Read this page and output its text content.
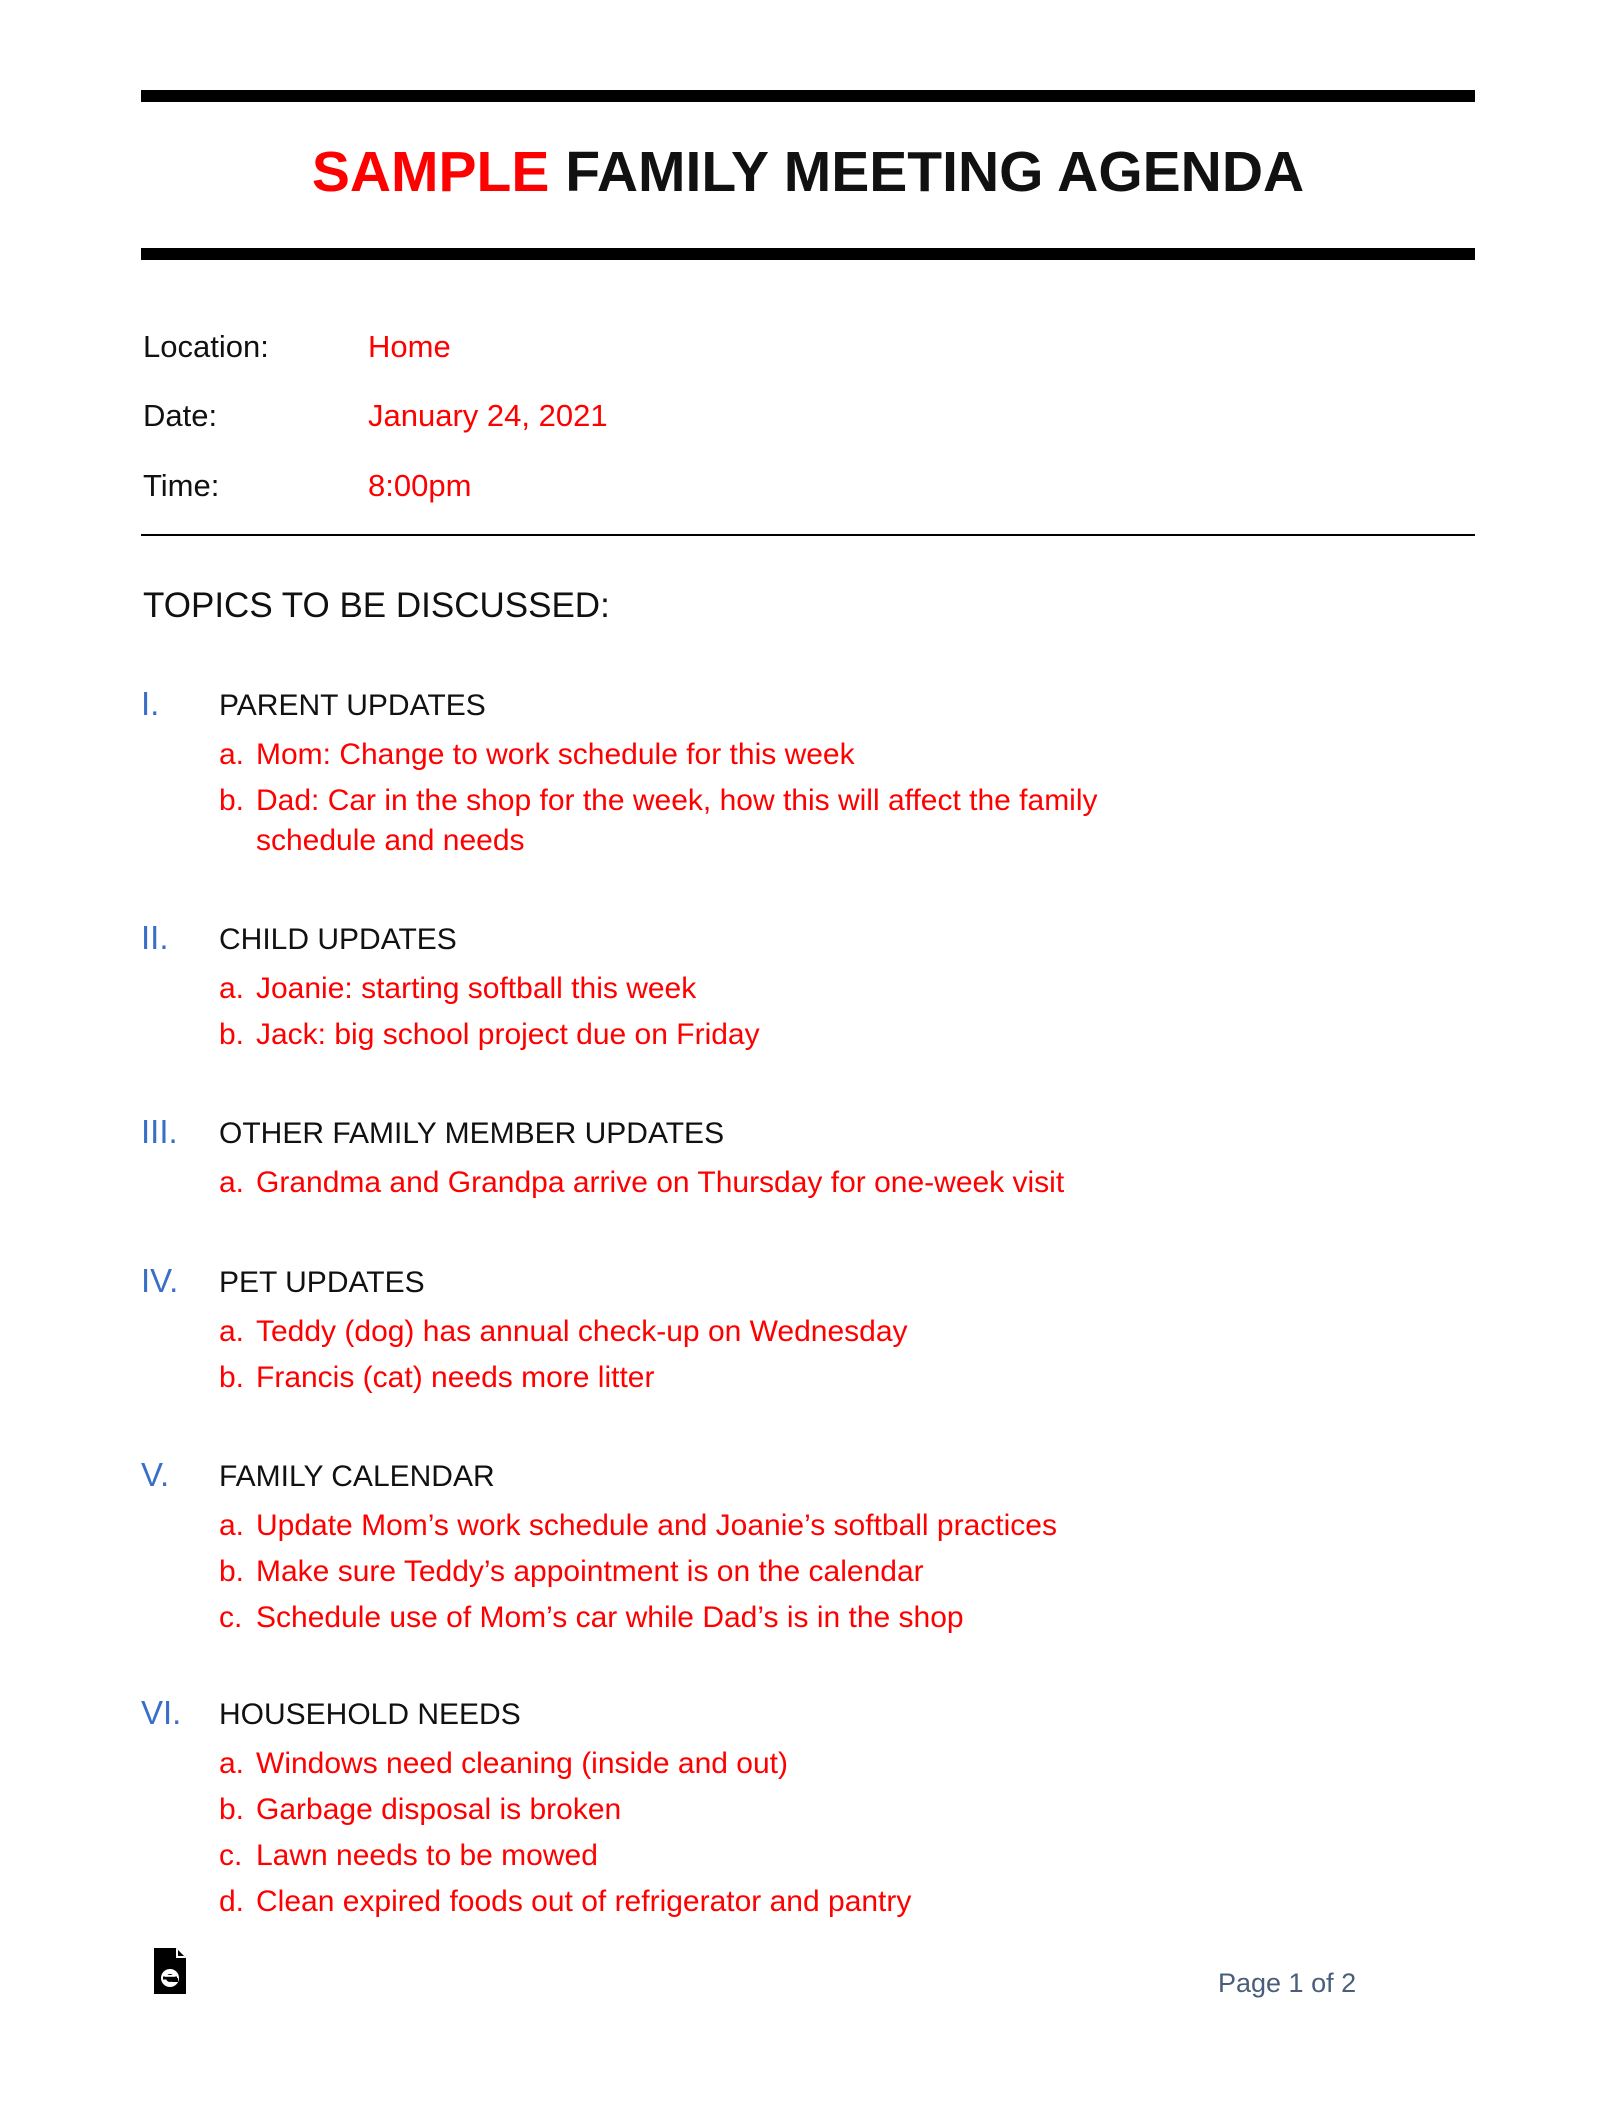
SAMPLE FAMILY MEETING AGENDA
Location:	Home
Date:	January 24, 2021
Time:	8:00pm
TOPICS TO BE DISCUSSED:
I. PARENT UPDATES
a. Mom: Change to work schedule for this week
b. Dad: Car in the shop for the week, how this will affect the family
schedule and needs
II. CHILD UPDATES
a. Joanie: starting softball this week
b. Jack: big school project due on Friday
III. OTHER FAMILY MEMBER UPDATES
a. Grandma and Grandpa arrive on Thursday for one-week visit
IV. PET UPDATES
a. Teddy (dog) has annual check-up on Wednesday
b. Francis (cat) needs more litter
V. FAMILY CALENDAR
a. Update Mom’s work schedule and Joanie’s softball practices
b. Make sure Teddy’s appointment is on the calendar
c. Schedule use of Mom’s car while Dad’s is in the shop
VI. HOUSEHOLD NEEDS
a. Windows need cleaning (inside and out)
b. Garbage disposal is broken
c. Lawn needs to be mowed
d. Clean expired foods out of refrigerator and pantry
Page 1 of 2
